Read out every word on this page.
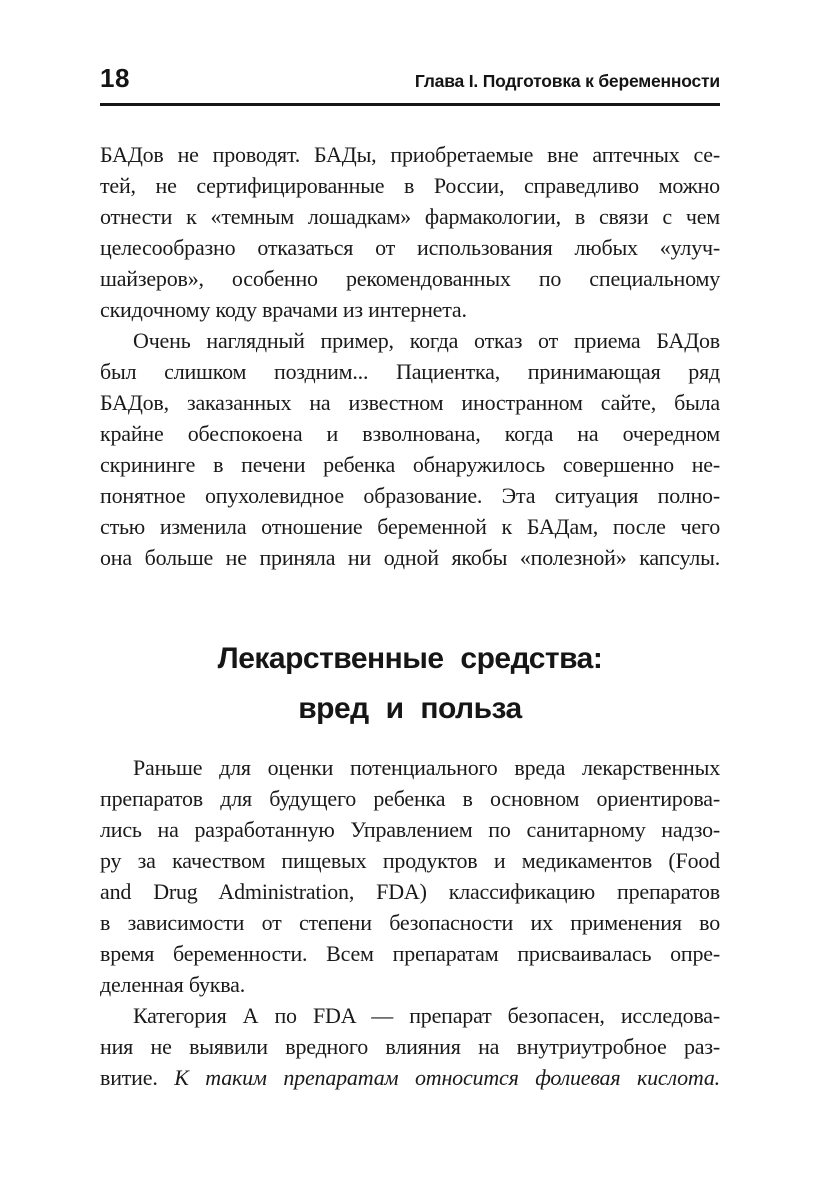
18	Глава I. Подготовка к беременности
БАДов не проводят. БАДы, приобретаемые вне аптечных се-
тей, не сертифицированные в России, справедливо можно
отнести к «темным лошадкам» фармакологии, в связи с чем
целесообразно отказаться от использования любых «улуч-
шайзеров», особенно рекомендованных по специальному
скидочному коду врачами из интернета.
Очень наглядный пример, когда отказ от приема БАДов
был слишком поздним... Пациентка, принимающая ряд
БАДов, заказанных на известном иностранном сайте, была
крайне обеспокоена и взволнована, когда на очередном
скрининге в печени ребенка обнаружилось совершенно не-
понятное опухолевидное образование. Эта ситуация полно-
стью изменила отношение беременной к БАДам, после чего
она больше не приняла ни одной якобы «полезной» капсулы.
Лекарственные средства:
вред и польза
Раньше для оценки потенциального вреда лекарственных
препаратов для будущего ребенка в основном ориентирова-
лись на разработанную Управлением по санитарному надзо-
ру за качеством пищевых продуктов и медикаментов (Food
and Drug Administration, FDA) классификацию препаратов
в зависимости от степени безопасности их применения во
время беременности. Всем препаратам присваивалась опре-
деленная буква.
Категория А по FDA — препарат безопасен, исследова-
ния не выявили вредного влияния на внутриутробное раз-
витие. К таким препаратам относится фолиевая кислота.
